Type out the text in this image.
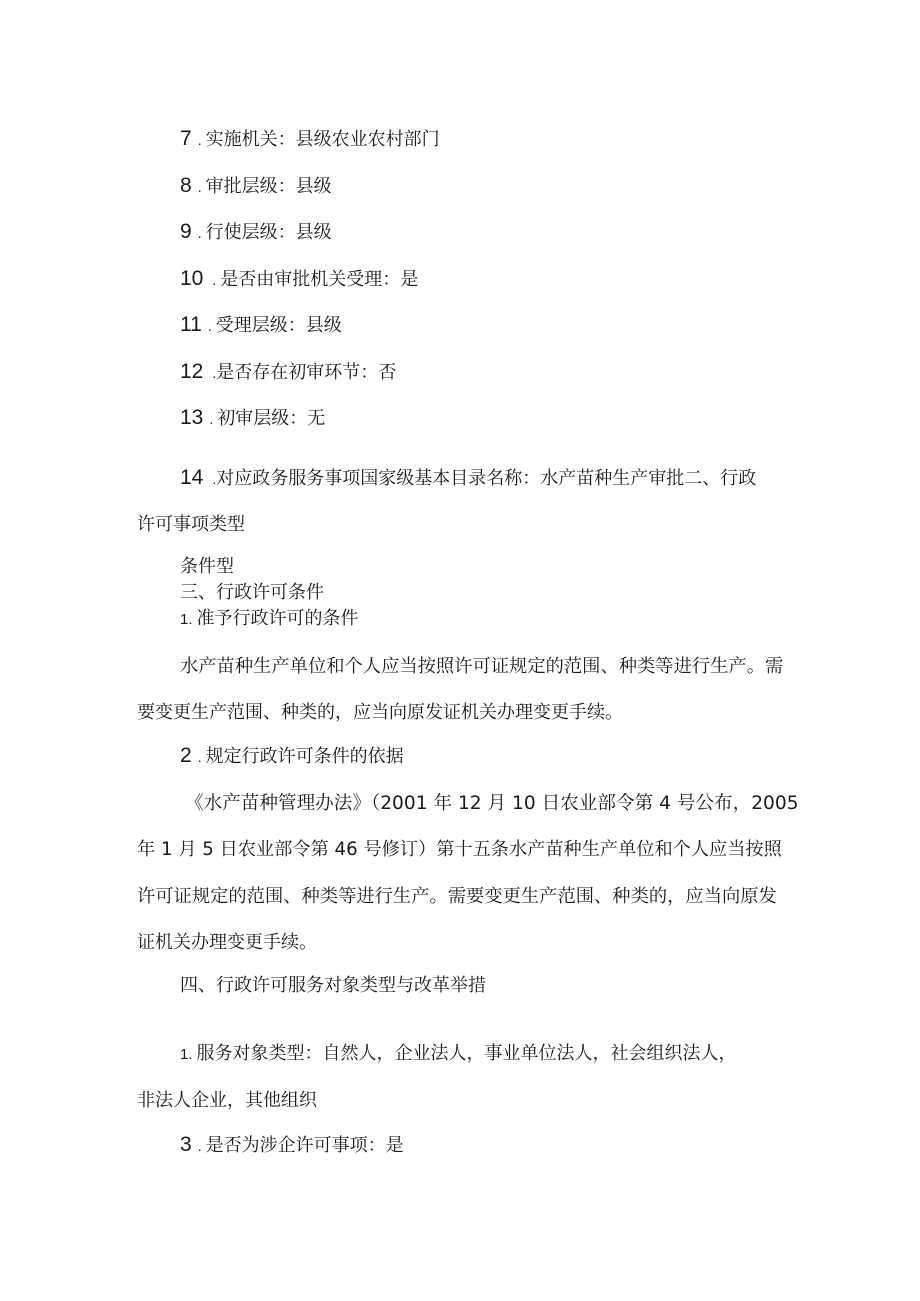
7 . 实施机关：县级农业农村部门
8 . 审批层级：县级
9 . 行使层级：县级
10 . 是否由审批机关受理：是
11 . 受理层级：县级
12 .是否存在初审环节：否
13 . 初审层级：无
14 .对应政务服务事项国家级基本目录名称：水产苗种生产审批二、行政
许可事项类型
条件型
三、行政许可条件
1. 准予行政许可的条件
水产苗种生产单位和个人应当按照许可证规定的范围、种类等进行生产。需
要变更生产范围、种类的，应当向原发证机关办理变更手续。
2 . 规定行政许可条件的依据
《水产苗种管理办法》（2001 年 12 月 10 日农业部令第 4 号公布，2005
年 1 月 5 日农业部令第 46 号修订）第十五条水产苗种生产单位和个人应当按照
许可证规定的范围、种类等进行生产。需要变更生产范围、种类的，应当向原发
证机关办理变更手续。
四、行政许可服务对象类型与改革举措
1. 服务对象类型：自然人，企业法人，事业单位法人，社会组织法人，
非法人企业，其他组织
3 . 是否为涉企许可事项：是
